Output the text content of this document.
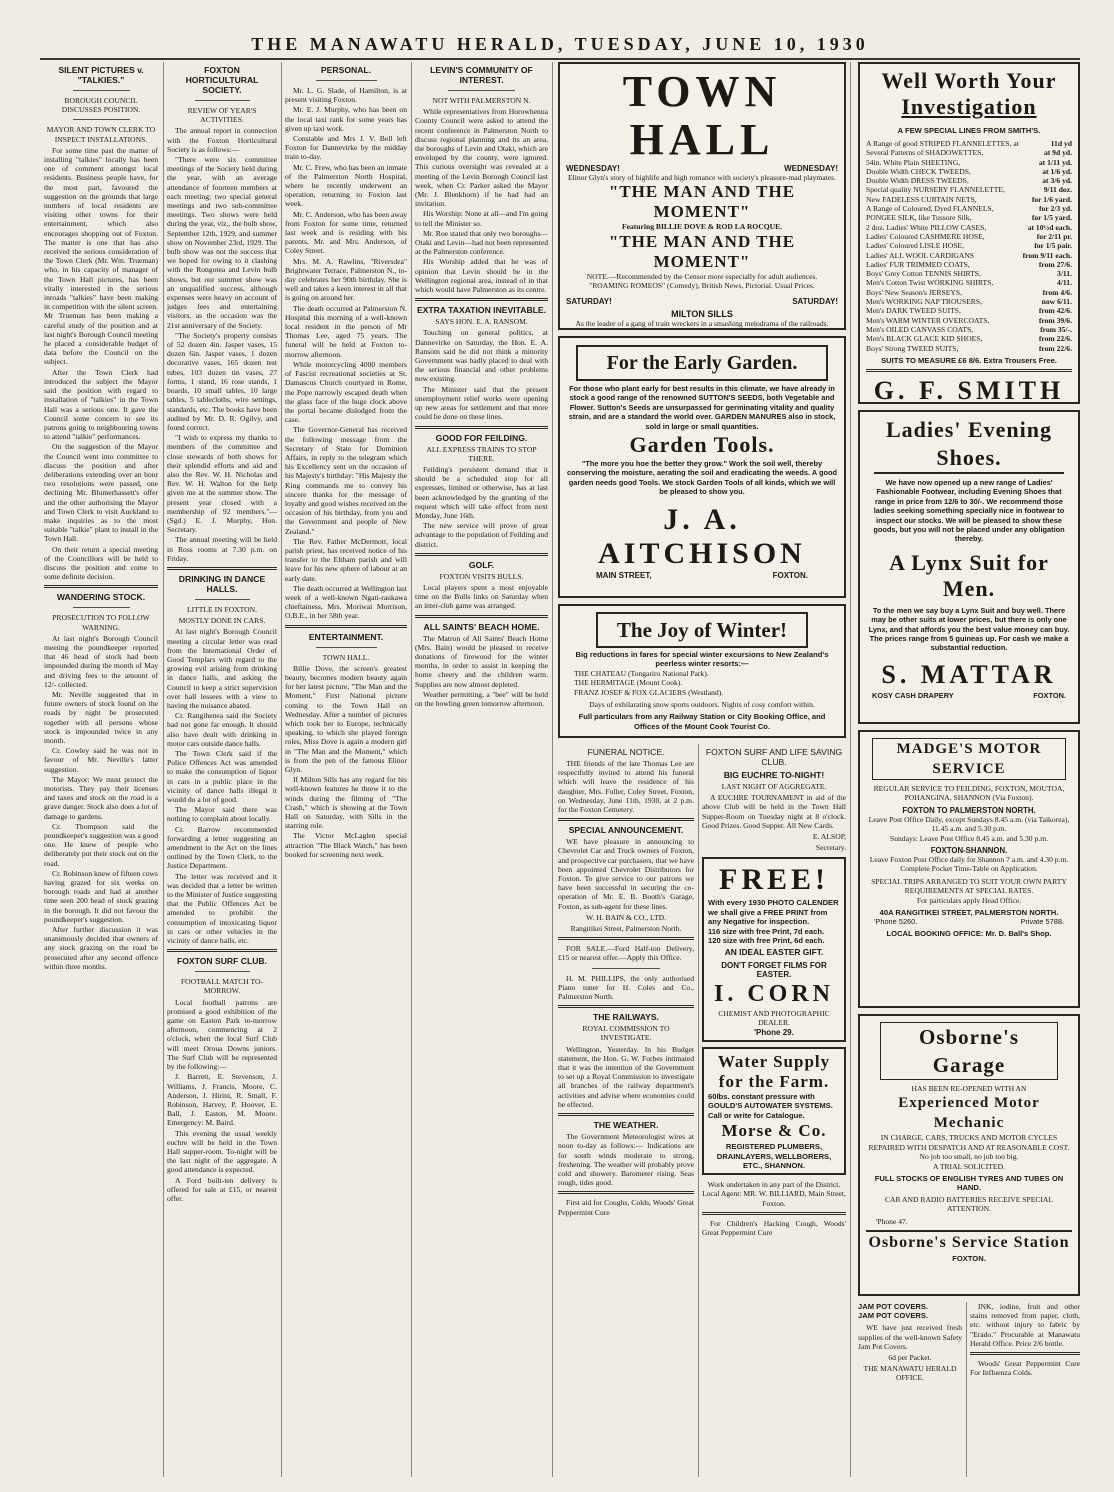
THE MANAWATU HERALD, TUESDAY, JUNE 10, 1930
SILENT PICTURES v. "TALKIES."
BOROUGH COUNCIL DISCUSSES POSITION.
MAYOR AND TOWN CLERK TO INSPECT INSTALLATIONS.

For some time past the matter of installing "talkies" locally has been one of comment amongst local residents. Business people have, for the most part, favoured the suggestion on the grounds that large numbers of local residents are visiting other towns for their entertainment, which also encourages shopping out of Foxton. The matter is one that has also received the serious consideration of the Town Clerk (Mr. Wm. Trueman) who, in his capacity of manager of the Town Hall pictures, has been vitally interested in the serious inroads "talkies" have been making in competition with the silent screen. Mr Trueman has been making a careful study of the position and at last night's Borough Council meeting he placed a considerable budget of data before the Council on the subject.

After the Town Clerk had introduced the subject the Mayor said the position with regard to installation of "talkies" in the Town Hall was a serious one. It gave the Council some concern to see its patrons going to neighbouring towns to attend "talkie" performances.

On the suggestion of the Mayor the Council went into committee to discuss the position and after deliberations extending over an hour two resolutions were passed, one declining Mr. Blumerhassett's offer and the other authorising the Mayor and Town Clerk to visit Auckland to make inquiries as to the most suitable "talkie" plant to install in the Town Hall.

On their return a special meeting of the Councillors will be held to discuss the position and come to some definite decision.

WANDERING STOCK.
PROSECUTION TO FOLLOW WARNING.

At last night's Borough Council meeting the poundkeeper reported that 46 head of stock had been impounded during the month of May and driving fees to the amount of 12/- collected.

Mr. Neville suggested that in future owners of stock found on the roads by night be prosecuted together with all persons whose stock is impounded twice in any month.

Cr. Cowley said he was not in favour of Mr. Neville's latter suggestion.

The Mayor: We must protect the motorists. They pay their licenses and taxes and stock on the road is a grave danger. Stock also does a lot of damage to gardens.

Cr. Thompson said the poundkeeper's suggestion was a good one. He knew of people who deliberately put their stock out on the road.

Cr. Robinson knew of fifteen cows having grazed for six weeks on borough roads and had at another time seen 200 head of stock grazing in the borough. It did not favour the poundkeeper's suggestion.

After further discussion it was unanimously decided that owners of any stock grazing on the road be prosecuted after any second offence within three months.

FOXTON HORTICULTURAL SOCIETY.
REVIEW OF YEAR'S ACTIVITIES.

The annual report in connection with the Foxton Horticultural Society is as follows:—

"There were six committee meetings of the Society held during the year, with an average attendance of fourteen members at each meeting; two special general meetings and two sub-committee meetings. Two shows were held during the year, viz., the bulb show, September 12th, 1929, and summer show on November 23rd, 1929. The bulb show was not the success that we hoped for owing to it clashing with the Rongotea and Levin bulb shows, but our summer show was an unqualified success, although expenses were heavy on account of judges fees and entertaining visitors, as the occasion was the 21st anniversary of the Society.

"The Society's property consists of 52 dozen 4in. Jasper vases, 15 dozen 6in. Jasper vases, 1 dozen decorative vases, 165 dozen test tubes, 103 dozen tin vases, 27 forms, 1 stand, 16 rose stands, 1 boards, 10 small tables, 10 large tables, 5 tablecloths, wire settings, standards, etc. The books have been audited by Mr. D. R. Ogilvy, and found correct.

"I wish to express my thanks to members of the committee and close stewards of both shows for their splendid efforts and aid and also the Rev. W. H. Nicholas and Rev. W. H. Walton for the help given me at the summer show. The present year closed with a membership of 92 members."—(Sgd.) E. J. Murphy, Hon. Secretary.

The annual meeting will be held in Ross rooms at 7.30 p.m. on Friday.

DRINKING IN DANCE HALLS.
LITTLE IN FOXTON.
MOSTLY DONE IN CARS.

At last night's Borough Council meeting a circular letter was read from the International Order of Good Templars with regard to the growing evil arising from drinking in dance halls, and asking the Council to keep a strict supervision over hall lessees with a view to having the nuisance abated.

Cr. Rangihenea said the Society had not gone far enough. It should also have dealt with drinking in motor cars outside dance halls.

The Town Clerk said if the Police Offences Act was amended to make the consumption of liquor in cars in a public place in the vicinity of dance halls illegal it would do a lot of good.

The Mayor said there was nothing to complain about locally.

Cr. Barrow recommended forwarding a letter suggesting an amendment to the Act on the lines outlined by the Town Clerk, to the Justice Department.

The letter was received and it was decided that a letter be written to the Minister of Justice suggesting that the Public Offences Act be amended to prohibit the consumption of intoxicating liquor in cars or other vehicles in the vicinity of dance halls, etc.

FOXTON SURF CLUB.
FOOTBALL MATCH TO-MORROW.

Local football patrons are promised a good exhibition of the game on Easton Park to-morrow afternoon, commencing at 2 o'clock, when the local Surf Club will meet Oroua Downs juniors. The Surf Club will be represented by the following:—

J. Barrett, E. Stevenson, J. Williams, J. Francis, Moore, C. Anderson, J. Hirini, R. Small, F. Robinson, Harvey, P. Hoover, E. Ball, J. Easton, M. Moore. Emergency: M. Baird.

This evening the usual weekly euchre will be held in the Town Hall supper-room. To-night will be the last night of the aggregate. A good attendance is expected.

A Ford built-ten delivery is offered for sale at £15, or nearest offer.

PERSONAL.

Mr. L. G. Slade, of Hamilton, is at present visiting Foxton.

Mr. E. J. Murphy, who has been on the local taxi rank for some years has given up taxi work.

Constable and Mrs J. V. Bell left Foxton for Dannevirke by the midday train to-day.

Mr. C. Frew, who has been an inmate of the Palmerston North Hospital, where he recently underwent an operation, returning to Foxton last week.

Mr. C. Anderson, who has been away from Foxton for some time, returned last week and is residing with his parents, Mr. and Mrs. Anderson, of Coley Street.

Mrs. M. A. Rawlins, "Riversdea" Brightwater Terrace, Palmerston N., to-day celebrates her 90th birthday. She is well and takes a keen interest in all that is going on around her.

The death occurred at Palmerston N. Hospital this morning of a well-known local resident in the person of Mr Thomas Lee, aged 75 years. The funeral will be held at Foxton to-morrow afternoon.

While motorcycling 4000 members of Fascist recreational societies at St. Damascus Church courtyard in Rome, the Pope narrowly escaped death when the glass face of the huge clock above the portal became dislodged from the case.

The Governor-General has received the following message from the Secretary of State for Dominion Affairs, in reply to the telegram which his Excellency sent on the occasion of his Majesty's birthday: "His Majesty the King commands me to convey his sincere thanks for the message of loyalty and good wishes received on the occasion of his birthday, from you and the Government and people of New Zealand."

The Rev. Father McDermott, local parish priest, has received notice of his transfer to the Eltham parish and will leave for his new sphere of labour at an early date.

The death occurred at Wellington last week of a well-known Ngati-raukawa chieftainess, Mrs. Moriwai Morrison, O.B.E., in her 58th year.

ENTERTAINMENT.
TOWN HALL.

Billie Dove, the screen's greatest beauty, becomes modern beauty again for her latest picture, "The Man and the Moment," First National picture coming to the Town Hall on Wednesday. After a number of pictures which took her to Europe, technically speaking, to which she played foreign roles, Miss Dove is again a modern girl in "The Man and the Moment," which is from the pen of the famous Elinor Glyn.

If Milton Sills has any regard for his well-known features he threw it to the winds during the filming of "The Crash," which is showing at the Town Hall on Saturday, with Sills in the starring role.

The Victor McLaglen special attraction "The Black Watch," has been booked for screening next week.

LEVIN'S COMMUNITY OF INTEREST.
NOT WITH PALMERSTON N.

While representatives from Horowhenua County Council were asked to attend the recent conference in Palmerston North to discuss regional planning and its an area, the boroughs of Levin and Otaki, which are enveloped by the county, were ignored. This curious oversight was revealed at a meeting of the Levin Borough Council last week, when Cr. Parker asked the Mayor (Mr. J. Blenkhorn) if he had had an invitation.

His Worship: None at all—and I'm going to tell the Minister so.

Mr. Roe stated that only two boroughs—Otaki and Levin—had not been represented at the Palmerston conference.

His Worship added that he was of opinion that Levin should be in the Wellington regional area, instead of in that which would have Palmerston as its centre.

EXTRA TAXATION INEVITABLE.
SAYS HON. E. A. RANSOM.

Touching on general politics, at Dannevirke on Saturday, the Hon. E. A. Ransom said he did not think a minority Government was badly placed to deal with the serious financial and other problems now existing.

The Minister said that the present unemployment relief works were opening up new areas for settlement and that more could be done on these lines.

GOOD FOR FEILDING.
ALL EXPRESS TRAINS TO STOP THERE.

Feilding's persistent demand that it should be a scheduled stop for all expresses, limited or otherwise, has at last been acknowledged by the granting of the request which will take effect from next Monday, June 16th.

The new service will prove of great advantage to the population of Feilding and district.

GOLF.
FOXTON VISITS BULLS.

Local players spent a most enjoyable time on the Bulls links on Saturday when an inter-club game was arranged.

ALL SAINTS' BEACH HOME.

The Matron of All Saints' Beach Home (Mrs. Bain) would be pleased to receive donations of firewood for the winter months, in order to assist in keeping the home cheery and the children warm. Supplies are now almost depleted.

Weather permitting, a "bee" will be held on the bowling green tomorrow afternoon.

TOWN HALL
WEDNESDAY!	WEDNESDAY!
Elinor Glyn's story of highlife and high romance with society's pleasure-mad playmates.
"THE MAN AND THE MOMENT"
Featuring BILLIE DOVE & ROD LA ROCQUE.
"THE MAN AND THE MOMENT"
NOTE.—Recommended by the Censor more especially for adult audiences.
"ROAMING ROMEOS" (Comedy), British News, Pictorial. Usual Prices.
SATURDAY!	SATURDAY!
MILTON SILLS
As the leader of a gang of train wreckers in a smashing melodrama of the railroads.
For the Early Garden.
For those who plant early for best results in this climate, we have already in stock a good range of the renowned SUTTON'S SEEDS, both Vegetable and Flower. Sutton's Seeds are unsurpassed for germinating vitality and quality strain, and are a standard the world over. GARDEN MANURES also in stock, sold in large or small quantities.
Garden Tools.
"The more you hoe the better they grow." Work the soil well, thereby conserving the moisture, aerating the soil and eradicating the weeds. A good garden needs good Tools. We stock Garden Tools of all kinds, which we will be pleased to show you.
J. A. AITCHISON
MAIN STREET,	FOXTON.
The Joy of Winter!
Big reductions in fares for special winter excursions to New Zealand's peerless winter resorts:—
THE CHATEAU (Tongariro National Park).
THE HERMITAGE (Mount Cook).
FRANZ JOSEF & FOX GLACIERS (Westland).
Days of exhilarating snow sports outdoors. Nights of cosy comfort within.
Full particulars from any Railway Station or City Booking Office, and Offices of the Mount Cook Tourist Co.
FUNERAL NOTICE.

THE friends of the late Thomas Lee are respectfully invited to attend his funeral which will leave the residence of his daughter, Mrs. Fuller, Coley Street, Foxton, on Wednesday, June 11th, 1930, at 2 p.m. for the Foxton Cemetery.

SPECIAL ANNOUNCEMENT.

WE have pleasure in announcing to Chevrolet Car and Truck owners of Foxton, and prospective car purchasers, that we have been appointed Chevrolet Distributors for Foxton. To give service to our patrons we have been successful in securing the co-operation of Mr. E. B. Booth's Garage, Foxton, as sub-agent for these lines.

W. H. BAIN & CO., LTD.
Rangitikei Street, Palmerston North.

FOR SALE.—Ford Half-ton Delivery, £15 or nearest offer.—Apply this Office.

H. M. PHILLIPS, the only authorised Piano tuner for H. Coles and Co., Palmerston North.

THE RAILWAYS.
ROYAL COMMISSION TO INVESTIGATE.

Wellington, Yesterday. In his Budget statement, the Hon. G. W. Forbes intimated that it was the intention of the Government to set up a Royal Commission to investigate all branches of the railway department's activities and advise where economies could be effected.

THE WEATHER.

The Government Meteorologist wires at noon to-day as follows:— Indications are for south winds moderate to strong, freshening. The weather will probably prove cold and showery. Barometer rising. Seas rough, tides good.

First aid for Coughs, Colds, Woods' Great Peppermint Cure

FOXTON SURF AND LIFE SAVING CLUB.
BIG EUCHRE TO-NIGHT!
LAST NIGHT OF AGGREGATE.

A EUCHRE TOURNAMENT in aid of the above Club will be held in the Town Hall Supper-Room on Tuesday night at 8 o'clock. Good Prizes. Good Supper. All New Cards.

E. ALSOP,
Secretary.
FREE!
With every 1930 PHOTO CALENDER we shall give a FREE PRINT from any Negative for inspection.
116 size with free Print, 7d each.
120 size with free Print, 6d each.
AN IDEAL EASTER GIFT.
DON'T FORGET FILMS FOR EASTER.
I. CORN
CHEMIST AND PHOTOGRAPHIC DEALER.
'Phone 29.
Water Supply for the Farm.
60lbs. constant pressure with GOULD'S AUTOWATER SYSTEMS.
Call or write for Catalogue.
Morse & Co.
REGISTERED PLUMBERS, DRAINLAYERS, WELLBORERS, ETC., SHANNON.
Work undertaken in any part of the District.
Local Agent: MR. W. BILLIARD, Main Street, Foxton.

For Children's Hacking Cough, Woods' Great Peppermint Cure

Well Worth Your
Investigation
A FEW SPECIAL LINES FROM SMITH'S.
A Range of good STRIPED FLANNELETTES, at	11d yd
Several Patterns of SHADOWETTES,	at 9d yd.
54in. White Plain SHEETING,	at 1/11 yd.
Double Width CHECK TWEEDS,	at 1/6 yd.
Double Width DRESS TWEEDS,	at 3/6 yd.
Special quality NURSERY FLANNELETTE,	9/11 doz.
New FADELESS CURTAIN NETS,	for 1/6 yard.
A Range of Coloured, Dyed FLANNELS,	for 2/3 yd.
PONGEE SILK, like Tussore Silk,	for 1/5 yard.
2 doz. Ladies' White PILLOW CASES,	at 10½d each.
Ladies' Coloured CASHMERE HOSE,	for 2/11 pr.
Ladies' Coloured LISLE HOSE,	for 1/5 pair.
Ladies' ALL WOOL CARDIGANS	from 9/11 each.
Ladies' FUR TRIMMED COATS,	from 27/6.
Boys' Grey Cotton TENNIS SHIRTS,	3/11.
Men's Cotton Twist WORKING SHIRTS,	4/11.
Boys' New Season's JERSEYS,	from 4/6.
Men's WORKING NAP TROUSERS,	now 6/11.
Men's DARK TWEED SUITS,	from 42/6.
Men's WARM WINTER OVERCOATS,	from 39/6.
Men's OILED CANVASS COATS,	from 35/-.
Men's BLACK GLACE KID SHOES,	from 22/6.
Boys' Strong TWEED SUITS,	from 22/6.
SUITS TO MEASURE £6 8/6. Extra Trousers Free.
G. F. SMITH
Ladies' Evening Shoes.
We have now opened up a new range of Ladies' Fashionable Footwear, including Evening Shoes that range in price from 12/6 to 30/-. We recommend those ladies seeking something specially nice in footwear to inspect our stocks. We will be pleased to show these goods, but you will not be placed under any obligation thereby.
A Lynx Suit for Men.
To the men we say buy a Lynx Suit and buy well. There may be other suits at lower prices, but there is only one Lynx, and that affords you the best value money can buy. The prices range from 5 guineas up. For cash we make a substantial reduction.
S. MATTAR
KOSY CASH DRAPERY	FOXTON.
MADGE'S MOTOR SERVICE
REGULAR SERVICE TO FEILDING, FOXTON, MOUTOA, POHANGINA, SHANNON (Via Foxton).
FOXTON TO PALMERSTON NORTH.
Leave Post Office Daily, except Sundays 8.45 a.m. (via Taikorea), 11.45 a.m. and 5.30 p.m.
Sundays: Leave Post Office 8.45 a.m. and 5.30 p.m.
FOXTON-SHANNON.
Leave Foxton Post Office daily for Shannon 7 a.m. and 4.30 p.m.
Complete Pocket Time-Table on Application.
SPECIAL TRIPS ARRANGED TO SUIT YOUR OWN PARTY REQUIREMENTS AT SPECIAL RATES.
For particulars apply Head Office.
40A RANGITIKEI STREET, PALMERSTON NORTH.
'Phone 5260.	Private 5788.
LOCAL BOOKING OFFICE: Mr. D. Ball's Shop.
Osborne's Garage
HAS BEEN RE-OPENED WITH AN
Experienced Motor Mechanic
IN CHARGE. CARS, TRUCKS AND MOTOR CYCLES REPAIRED WITH DESPATCH AND AT REASONABLE COST.
No job too small, no job too big.
A TRIAL SOLICITED.
FULL STOCKS OF ENGLISH TYRES AND TUBES ON HAND.
CAR AND RADIO BATTERIES RECEIVE SPECIAL ATTENTION.
'Phone 47.
Osborne's Service Station
FOXTON.
JAM POT COVERS.
JAM POT COVERS.

WE have just received fresh supplies of the well-known Safety Jam Pot Covers.

6d per Packet.
THE MANAWATU HERALD OFFICE.

INK, iodine, fruit and other stains removed from paper, cloth, etc. without injury to fabric by "Erado." Procurable at Manawatu Herald Office. Price 2/6 bottle.

Woods' Great Peppermint Cure For Influenza Colds.
